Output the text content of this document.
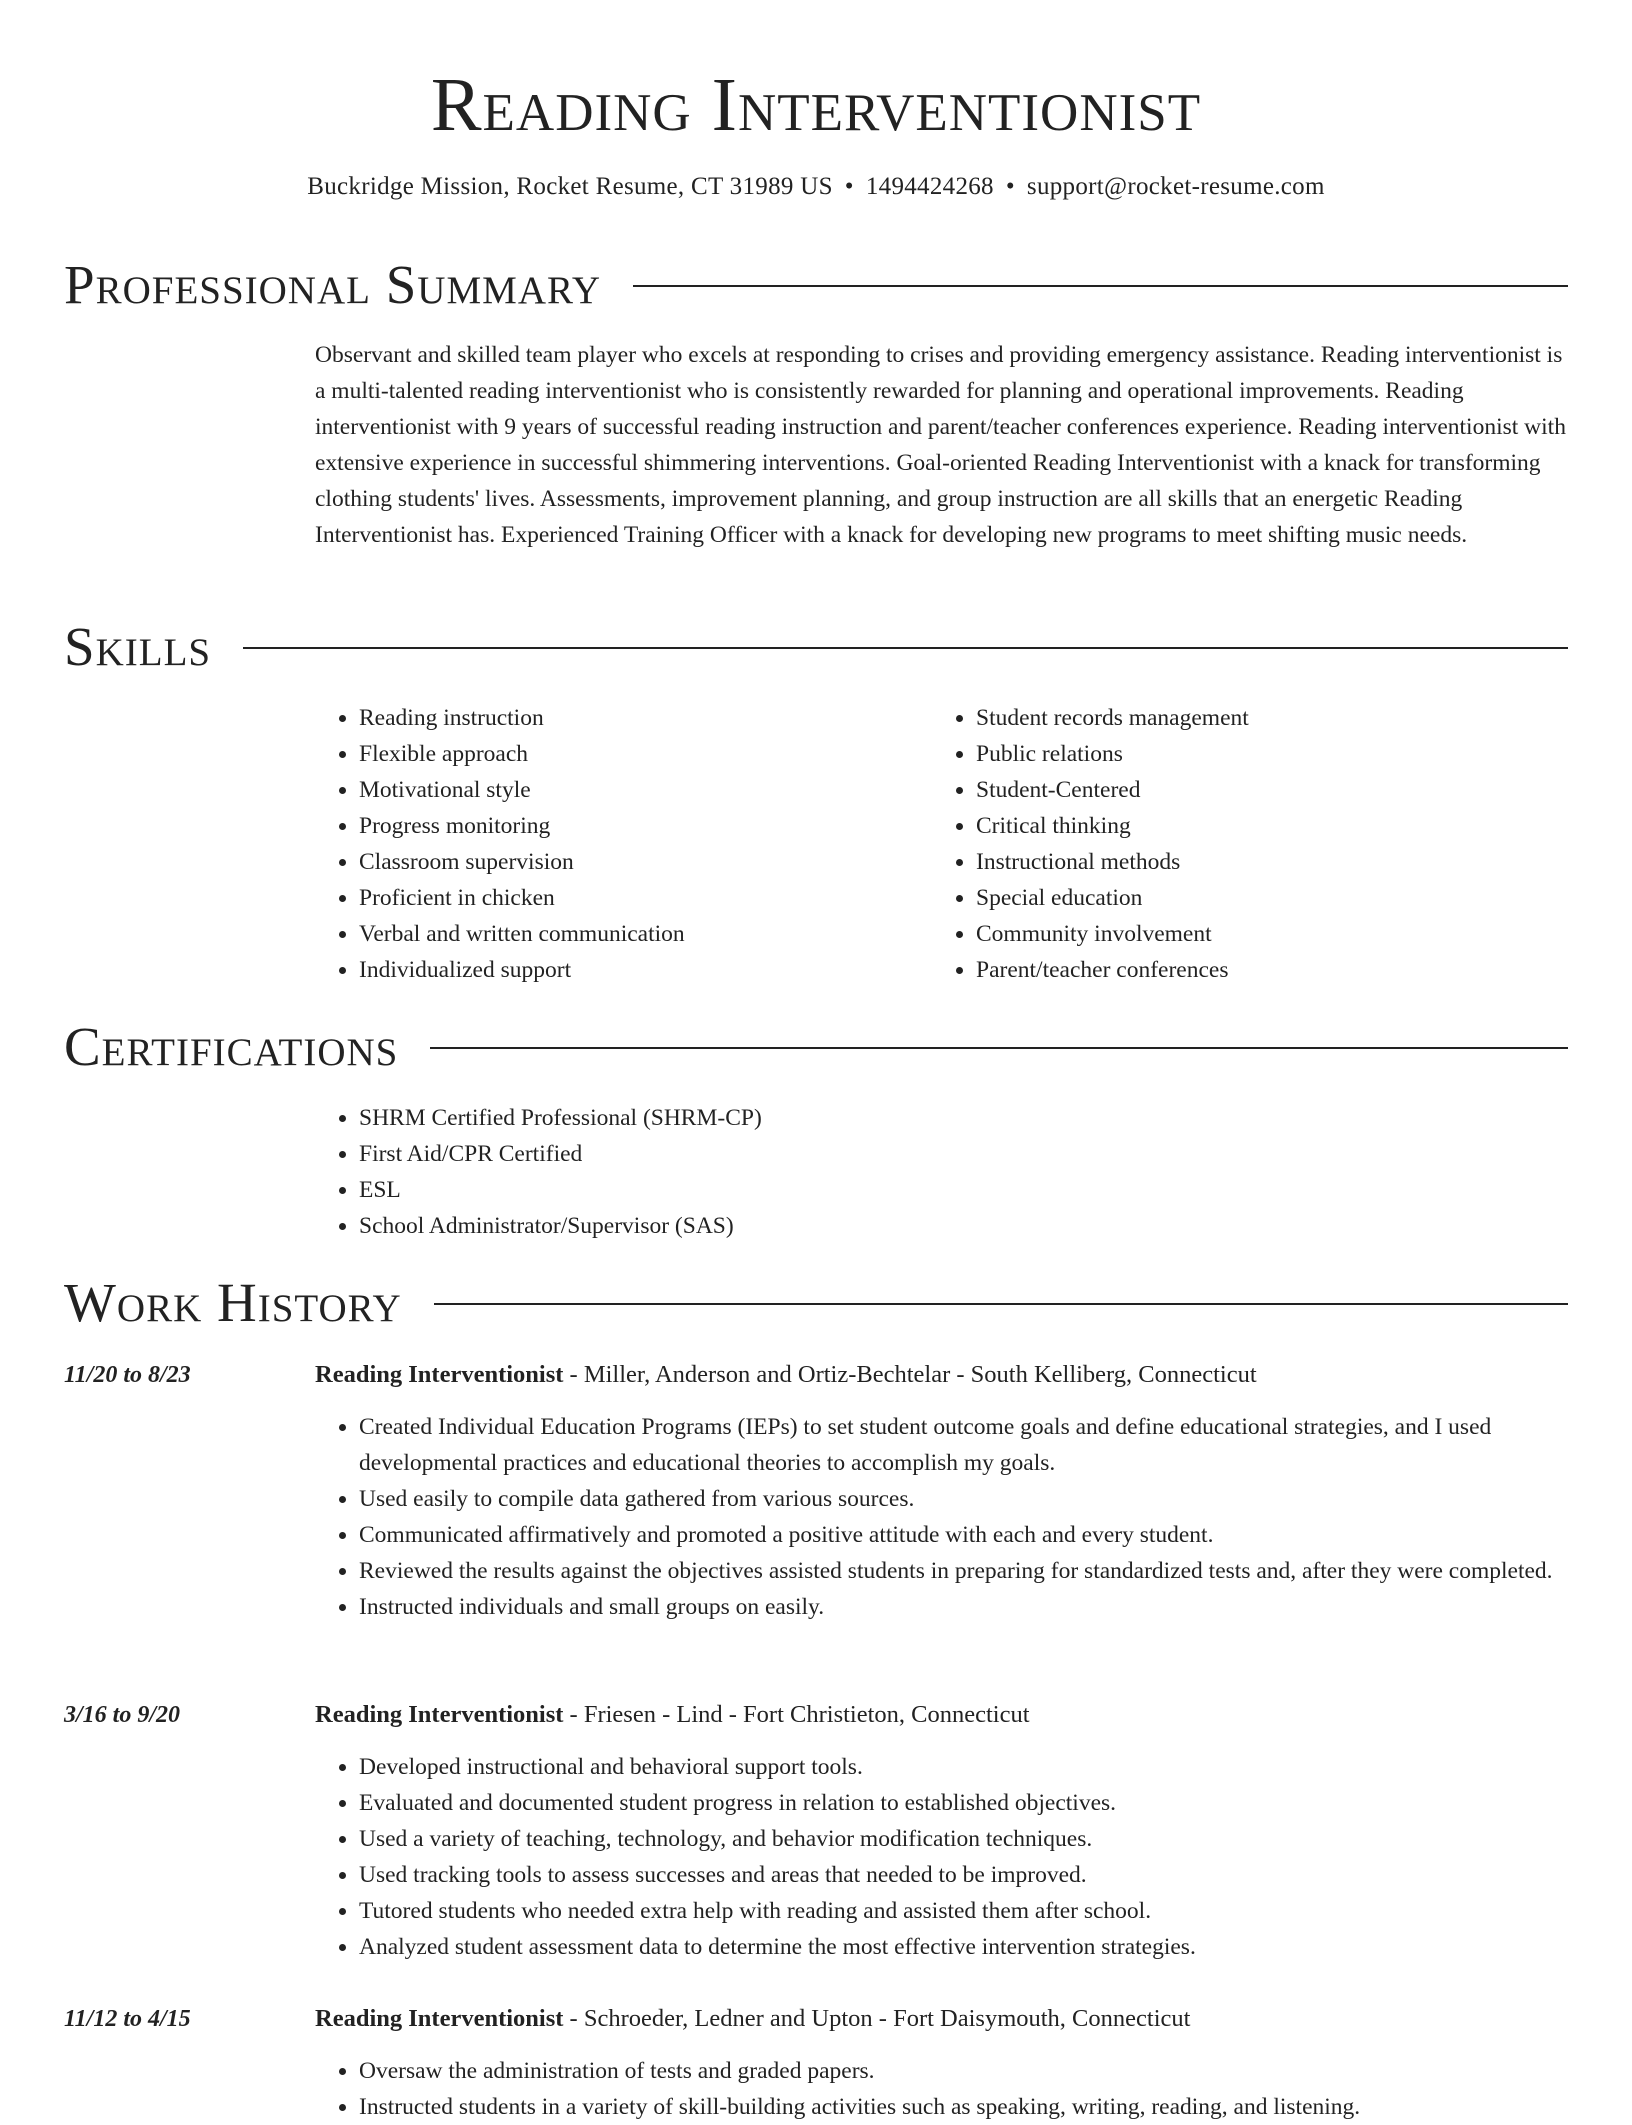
Reading Interventionist
Buckridge Mission, Rocket Resume, CT 31989 US • 1494424268 • support@rocket-resume.com
Professional Summary

Observant and skilled team player who excels at responding to crises and providing emergency assistance. Reading interventionist is a multi-talented reading interventionist who is consistently rewarded for planning and operational improvements. Reading interventionist with 9 years of successful reading instruction and parent/teacher conferences experience. Reading interventionist with extensive experience in successful shimmering interventions. Goal-oriented Reading Interventionist with a knack for transforming clothing students' lives. Assessments, improvement planning, and group instruction are all skills that an energetic Reading Interventionist has. Experienced Training Officer with a knack for developing new programs to meet shifting music needs.

Skills
• Reading instruction
• Flexible approach
• Motivational style
• Progress monitoring
• Classroom supervision
• Proficient in chicken
• Verbal and written communication
• Individualized support
• Student records management
• Public relations
• Student-Centered
• Critical thinking
• Instructional methods
• Special education
• Community involvement
• Parent/teacher conferences
Certifications
• SHRM Certified Professional (SHRM-CP)
• First Aid/CPR Certified
• ESL
• School Administrator/Supervisor (SAS)
Work History
11/20 to 8/23	Reading Interventionist - Miller, Anderson and Ortiz-Bechtelar - South Kelliberg, Connecticut

• Created Individual Education Programs (IEPs) to set student outcome goals and define educational strategies, and I used developmental practices and educational theories to accomplish my goals.
• Used easily to compile data gathered from various sources.
• Communicated affirmatively and promoted a positive attitude with each and every student.
• Reviewed the results against the objectives assisted students in preparing for standardized tests and, after they were completed.
• Instructed individuals and small groups on easily.
3/16 to 9/20	Reading Interventionist - Friesen - Lind - Fort Christieton, Connecticut

• Developed instructional and behavioral support tools.
• Evaluated and documented student progress in relation to established objectives.
• Used a variety of teaching, technology, and behavior modification techniques.
• Used tracking tools to assess successes and areas that needed to be improved.
• Tutored students who needed extra help with reading and assisted them after school.
• Analyzed student assessment data to determine the most effective intervention strategies.
11/12 to 4/15	Reading Interventionist - Schroeder, Ledner and Upton - Fort Daisymouth, Connecticut

• Oversaw the administration of tests and graded papers.
• Instructed students in a variety of skill-building activities such as speaking, writing, reading, and listening.
